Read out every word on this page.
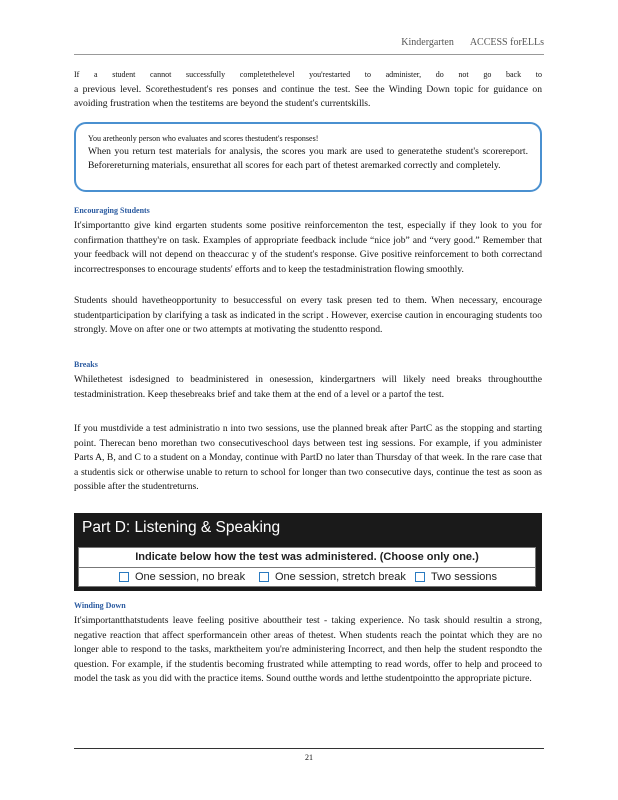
Kindergarten ACCESS forELLs
If a student cannot successfully completethelevel you'restarted to administer, do not go back to
a previous level. Scorethestudent's res ponses and continue the test. See the Winding Down topic for guidance on avoiding frustration when the testitems are beyond the student's currentskills.
You aretheonly person who evaluates and scores thestudent's responses!
When you return test materials for analysis, the scores you mark are used to generatethe student's scorereport. Beforereturning materials, ensurethat all scores for each part of thetest aremarked correctly and completely.
Encouraging Students
It'simportantto give kind ergarten students some positive reinforcementon the test, especially if they look to you for confirmation thatthey're on task. Examples of appropriate feedback include “nice job” and “very good.” Remember that your feedback will not depend on theaccurac y of the student's response. Give positive reinforcement to both correctand incorrectresponses to encourage students' efforts and to keep the testadministration flowing smoothly.
Students should havetheopportunity to besuccessful on every task presen ted to them. When necessary, encourage studentparticipation by clarifying a task as indicated in the script . However, exercise caution in encouraging students too strongly. Move on after one or two attempts at motivating the studentto respond.
Breaks
Whilethetest isdesigned to beadministered in onesession, kindergartners will likely need breaks throughoutthe testadministration. Keep thesebreaks brief and take them at the end of a level or a partof the test.
If you mustdivide a test administratio n into two sessions, use the planned break after PartC as the stopping and starting point. Therecan beno morethan two consecutiveschool days between test ing sessions. For example, if you administer Parts A, B, and C to a student on a Monday, continue with PartD no later than Thursday of that week. In the rare case that a studentis sick or otherwise unable to return to school for longer than two consecutive days, continue the test as soon as possible after the studentreturns.
Part D: Listening & Speaking
Indicate below how the test was administered. (Choose only one.)
One session, no break	One session, stretch break Two sessions
Winding Down
It'simportantthatstudents leave feeling positive abouttheir test - taking experience. No task should resultin a strong, negative reaction that affect sperformancein other areas of thetest. When students reach the pointat which they are no longer able to respond to the tasks, marktheitem you're administering Incorrect, and then help the student respondto the question. For example, if the studentis becoming frustrated while attempting to read words, offer to help and proceed to model the task as you did with the practice items. Sound outthe words and letthe studentpointto the appropriate picture.
21
